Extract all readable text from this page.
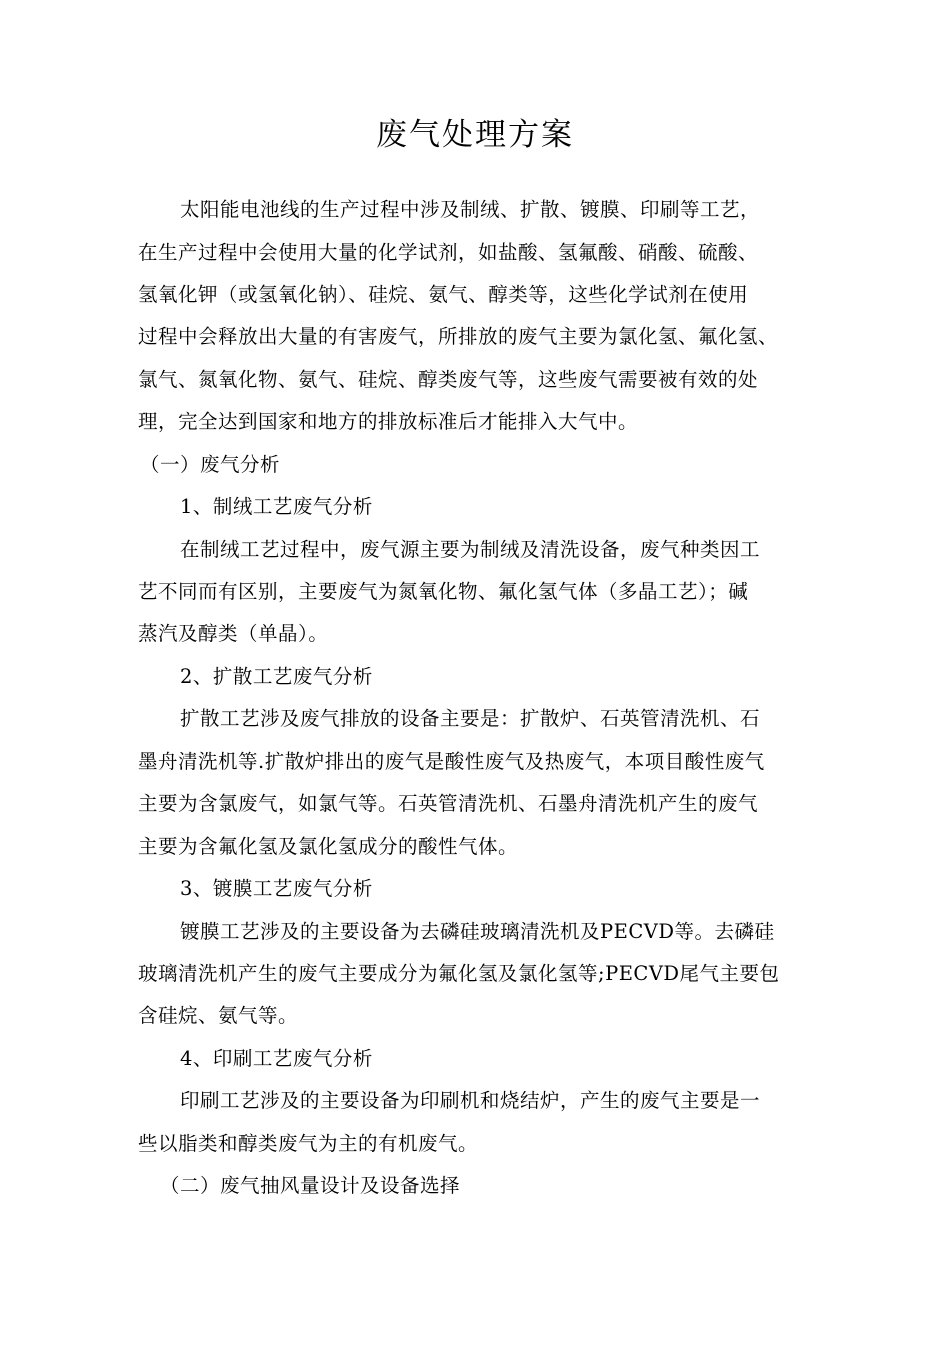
废气处理方案
太阳能电池线的生产过程中涉及制绒、扩散、镀膜、印刷等工艺，
在生产过程中会使用大量的化学试剂，如盐酸、氢氟酸、硝酸、硫酸、
氢氧化钾（或氢氧化钠）、硅烷、氨气、醇类等，这些化学试剂在使用
过程中会释放出大量的有害废气，所排放的废气主要为氯化氢、氟化氢、
氯气、氮氧化物、氨气、硅烷、醇类废气等，这些废气需要被有效的处
理，完全达到国家和地方的排放标准后才能排入大气中。
（一）废气分析
1、制绒工艺废气分析
在制绒工艺过程中，废气源主要为制绒及清洗设备，废气种类因工
艺不同而有区别，主要废气为氮氧化物、氟化氢气体（多晶工艺）；碱
蒸汽及醇类（单晶）。
2、扩散工艺废气分析
扩散工艺涉及废气排放的设备主要是：扩散炉、石英管清洗机、石
墨舟清洗机等.扩散炉排出的废气是酸性废气及热废气，本项目酸性废气
主要为含氯废气，如氯气等。石英管清洗机、石墨舟清洗机产生的废气
主要为含氟化氢及氯化氢成分的酸性气体。
3、镀膜工艺废气分析
镀膜工艺涉及的主要设备为去磷硅玻璃清洗机及PECVD等。去磷硅
玻璃清洗机产生的废气主要成分为氟化氢及氯化氢等;PECVD尾气主要包
含硅烷、氨气等。
4、印刷工艺废气分析
印刷工艺涉及的主要设备为印刷机和烧结炉，产生的废气主要是一
些以脂类和醇类废气为主的有机废气。
（二）废气抽风量设计及设备选择
